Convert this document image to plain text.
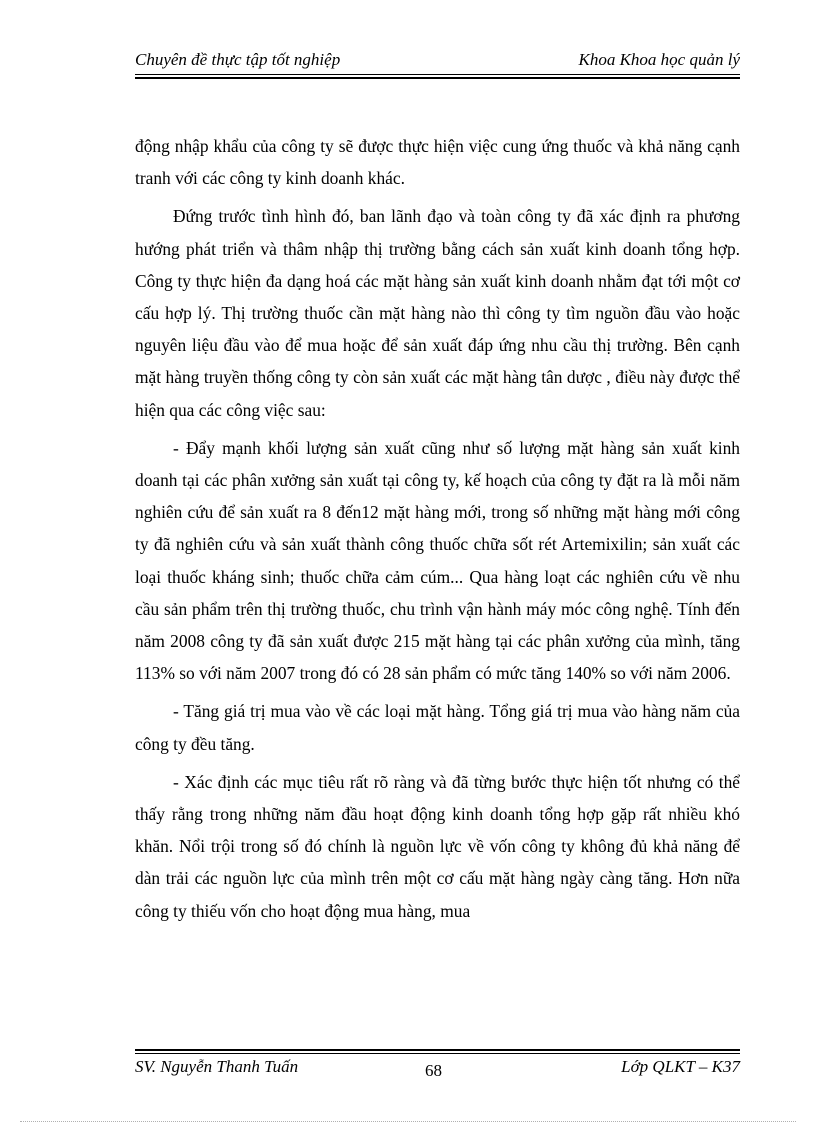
Chuyên đề thực tập tốt nghiệp	Khoa Khoa học quản lý

động nhập khẩu của công ty sẽ được thực hiện việc cung ứng thuốc và khả năng cạnh tranh với các công ty kinh doanh khác.

Đứng trước tình hình đó, ban lãnh đạo và toàn công ty đã xác định ra phương hướng phát triển và thâm nhập thị trường bằng cách sản xuất kinh doanh tổng hợp. Công ty thực hiện đa dạng hoá các mặt hàng sản xuất kinh doanh nhằm đạt tới một cơ cấu hợp lý. Thị trường thuốc cần mặt hàng nào thì công ty tìm nguồn đầu vào hoặc nguyên liệu đầu vào để mua hoặc để sản xuất đáp ứng nhu cầu thị trường. Bên cạnh mặt hàng truyền thống công ty còn sản xuất các mặt hàng tân dược , điều này được thể hiện qua các công việc sau:

- Đẩy mạnh khối lượng sản xuất cũng như số lượng mặt hàng sản xuất kinh doanh tại các phân xưởng sản xuất tại công ty, kế hoạch của công ty đặt ra là mỗi năm nghiên cứu để sản xuất ra 8 đến12 mặt hàng mới, trong số những mặt hàng mới công ty đã nghiên cứu và sản xuất thành công thuốc chữa sốt rét Artemixilin; sản xuất các loại thuốc kháng sinh; thuốc chữa cảm cúm... Qua hàng loạt các nghiên cứu về nhu cầu sản phẩm trên thị trường thuốc, chu trình vận hành máy móc công nghệ. Tính đến năm 2008 công ty đã sản xuất được 215 mặt hàng tại các phân xưởng của mình, tăng 113% so với năm 2007 trong đó có 28 sản phẩm có mức tăng 140% so với năm 2006.

- Tăng giá trị mua vào về các loại mặt hàng. Tổng giá trị mua vào hàng năm của công ty đều tăng.

- Xác định các mục tiêu rất rõ ràng và đã từng bước thực hiện tốt nhưng có thể thấy rằng trong những năm đầu hoạt động kinh doanh tổng hợp gặp rất nhiều khó khăn. Nổi trội trong số đó chính là nguồn lực về vốn công ty không đủ khả năng để dàn trải các nguồn lực của mình trên một cơ cấu mặt hàng ngày càng tăng. Hơn nữa công ty thiếu vốn cho hoạt động mua hàng, mua

SV. Nguyễn Thanh Tuấn	68	Lớp QLKT – K37
